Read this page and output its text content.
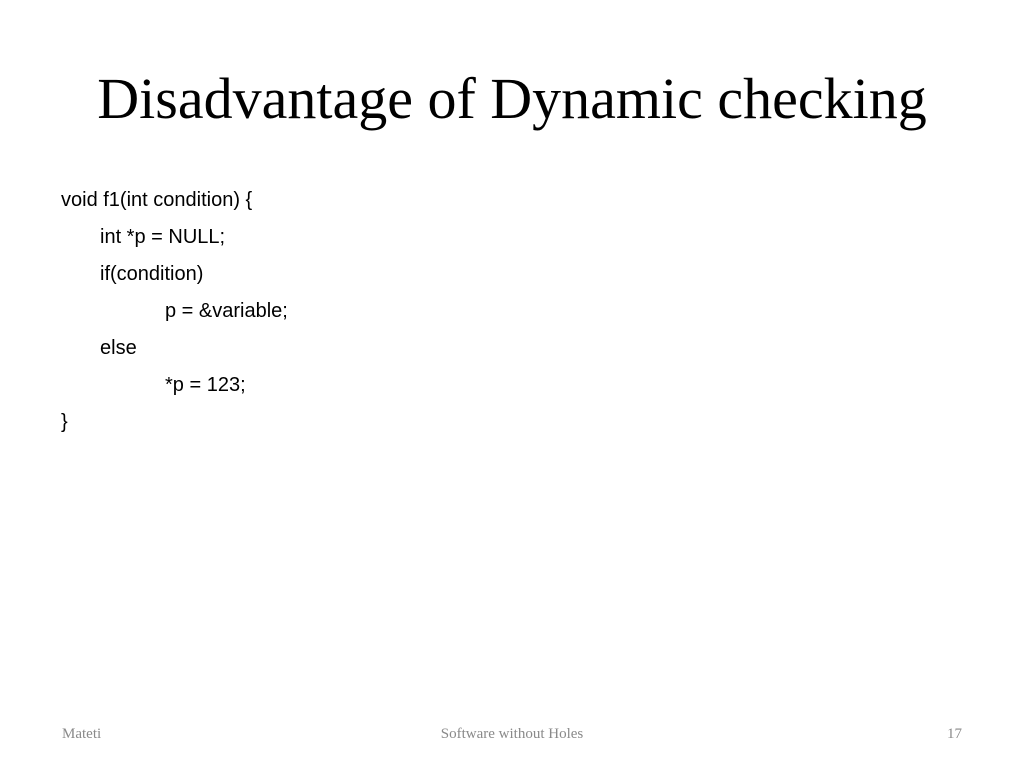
Disadvantage of Dynamic checking
void f1(int condition) {
int *p = NULL;
if(condition)
p = &variable;
else
*p = 123;
}
Mateti	Software without Holes	17
